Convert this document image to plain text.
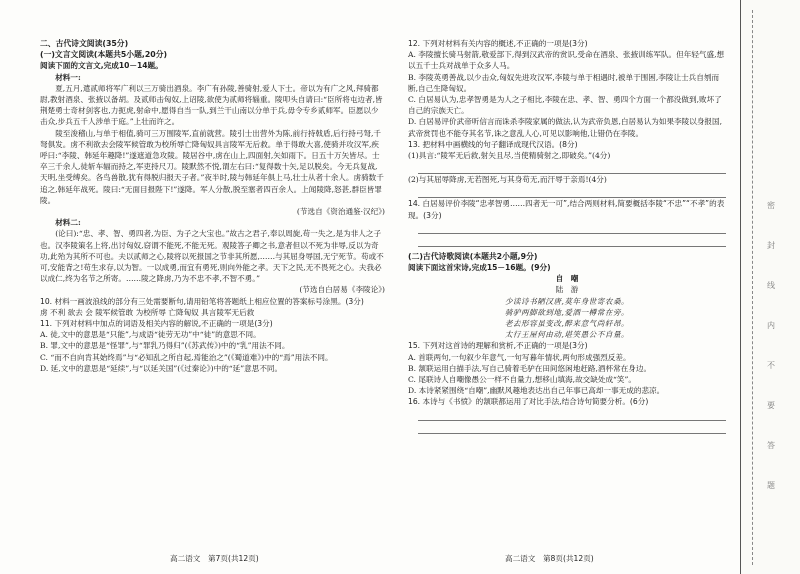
二、古代诗文阅读(35分)

(一)文言文阅读(本题共5小题,20分)

阅读下面的文言文,完成10－14题。

材料一:

夏,五月,遣贰师将军广利以三万骑出酒泉。李广有孙陵,善骑射,爱人下士。帝以为有广之风,拜骑都尉,教射酒泉、张掖以备胡。及贰师击匈奴,上诏陵,欲使为贰师将辎重。陵叩头自请曰:“臣所将屯边者,皆荆楚勇士奇材剑客也,力扼虎,射命中,愿得自当一队,到兰干山南以分单于兵,毋令专乡贰师军。臣愿以少击众,步兵五千人涉单于庭。”上壮而许之。

陵至浚稽山,与单于相值,骑可三万围陵军,直前就营。陵引士出营外为陈,前行持戟盾,后行持弓弩,千弩俱发。虏不利欲去会陵军候管敢为校所辱亡降匈奴具言陵军无后救。单于得敢大喜,使骑并攻汉军,疾呼曰:“李陵、韩延年趣降!”遂遮道急攻陵。陵居谷中,虏在山上,四面射,矢如雨下。日五十万矢皆尽。士卒三千余人,徒斩车辐而持之,军吏持尺刀。陵默然不悦,谓左右曰:“复得数十矢,足以脱矣。今无兵复战,天明,坐受缚矣。各鸟兽散,犹有得脱归报天子者。”夜半时,陵与韩延年俱上马,壮士从者十余人。虏骑数千追之,韩延年战死。陵曰:“无面目报陛下!”遂降。军人分散,脱至塞者四百余人。上闻陵降,怒甚,群臣皆罪陵。

(节选自《资治通鉴·汉纪》)

材料二:

(论曰):“忠、孝、智、勇四者,为臣、为子之大宝也。”故古之君子,奉以周旋,苟一失之,是为非人之子也。汉李陵策名上将,出讨匈奴,窃谓不能死,不能无死。观陵答子卿之书,意者但以不死为非辱,反以为奇功,此殆为其所不可也。夫以贰师之心,陵将以死报国之节非其所愿,……与其屈身辱国,无宁死节。苟或不可,安能背之!苟生求存,以为智。一以成勇,而宜有勇死,则向外能之孝。天下之民,无不畏死之心。夫我必以成仁,终为名节之所寄。……陵之降虏,乃为不忠不孝,不智不勇。”

(节选自白居易《李陵论》)

10. 材料一画波浪线的部分有三处需要断句,请用铅笔将答题纸上相应位置的答案标号涂黑。(3分)

虏 不利 欲去 会 陵军候管敢 为校所辱 亡降匈奴 具言陵军无后救

11. 下列对材料中加点的词语及相关内容的解说,不正确的一项是(3分)

A. 徒,文中的意思是“只能”,与成语“徒劳无功”中“徒”的意思不同。

B. 罪,文中的意思是“怪罪”,与“罪乳乃得归”(《苏武传》)中的“乳”用法不同。

C. “而不自向肯其始终焉”与“必知乱之所自起,焉能治之”(《蜀道难》)中的“焉”用法不同。

D. 延,文中的意思是“延续”,与“以延关国”(《过秦论》)中的“延”意思不同。

12. 下列对材料有关内容的概述,不正确的一项是(3分)

A. 李陵擅长骑马射箭,敬爱部下,得到汉武帝的赏识,受命在酒泉、张掖训练军队。但年轻气盛,想以五千士兵对战单于众多人马。

B. 李陵英勇善战,以少击众,匈奴先进攻汉军,李陵与单于相遇时,被单于围困,李陵让士兵自刎而断,自己生降匈奴。

C. 白居易认为,忠孝智勇是为人之子相比,李陵在忠、孝、智、勇四个方面一个都没做到,败坏了自己的宗族天亡。

D. 白居易评价武帝听信言而诛杀李陵家属的做法,认为武帝负恩,白居易认为如果李陵以身报国,武帝赏罚也不能夺其名节,诛之意乱人心,可见以影响他,让错仍在李陵。

13. 把材料中画横线的句子翻译成现代汉语。(8分)

(1)具言:“陵军无后救,射矢且尽,当使精骑射之,即破矣。”(4分)

(2)与其屈辱降虏,无若图死,与其身苟无,而汗辱于亲焉!(4分)

14. 白居易评价李陵“忠孝智勇……四者无一可”,结合两则材料,简要概括李陵“不忠”“不孝”的表现。(3分)

(二)古代诗歌阅读(本题共2小题,9分)

阅读下面这首宋诗,完成15－16题。(9分)

自　嘲

陆　游

少读诗书陋汉唐,莫年身世寄农桑。

骑驴两脚欲到地,爱酒一樽常在旁。

老去形容虽变改,醉来意气尚轩昂。

太行王屋何由动,堪笑愚公不自量。

15. 下列对这首诗的理解和赏析,不正确的一项是(3分)

A. 首联两句,一句叙少年意气,一句写暮年情状,两句形成强烈反差。

B. 颔联运用白描手法,写自己骑着毛驴在田间悠闲地赶路,酒杯常在身边。

C. 尾联诗人自嘲像愚公一样不自量力,想移山填海,故交缺处成“笑”。

D. 本诗紧紧围绕“自嘲”,幽默风趣地表达出自己年事已高却一事无成的悲凉。

16. 本诗与《书愤》的颔联都运用了对比手法,结合诗句简要分析。(6分)

高二语文　第7页(共12页)	高二语文　第8页(共12页)
密
封
线
内
不
要
答
题
